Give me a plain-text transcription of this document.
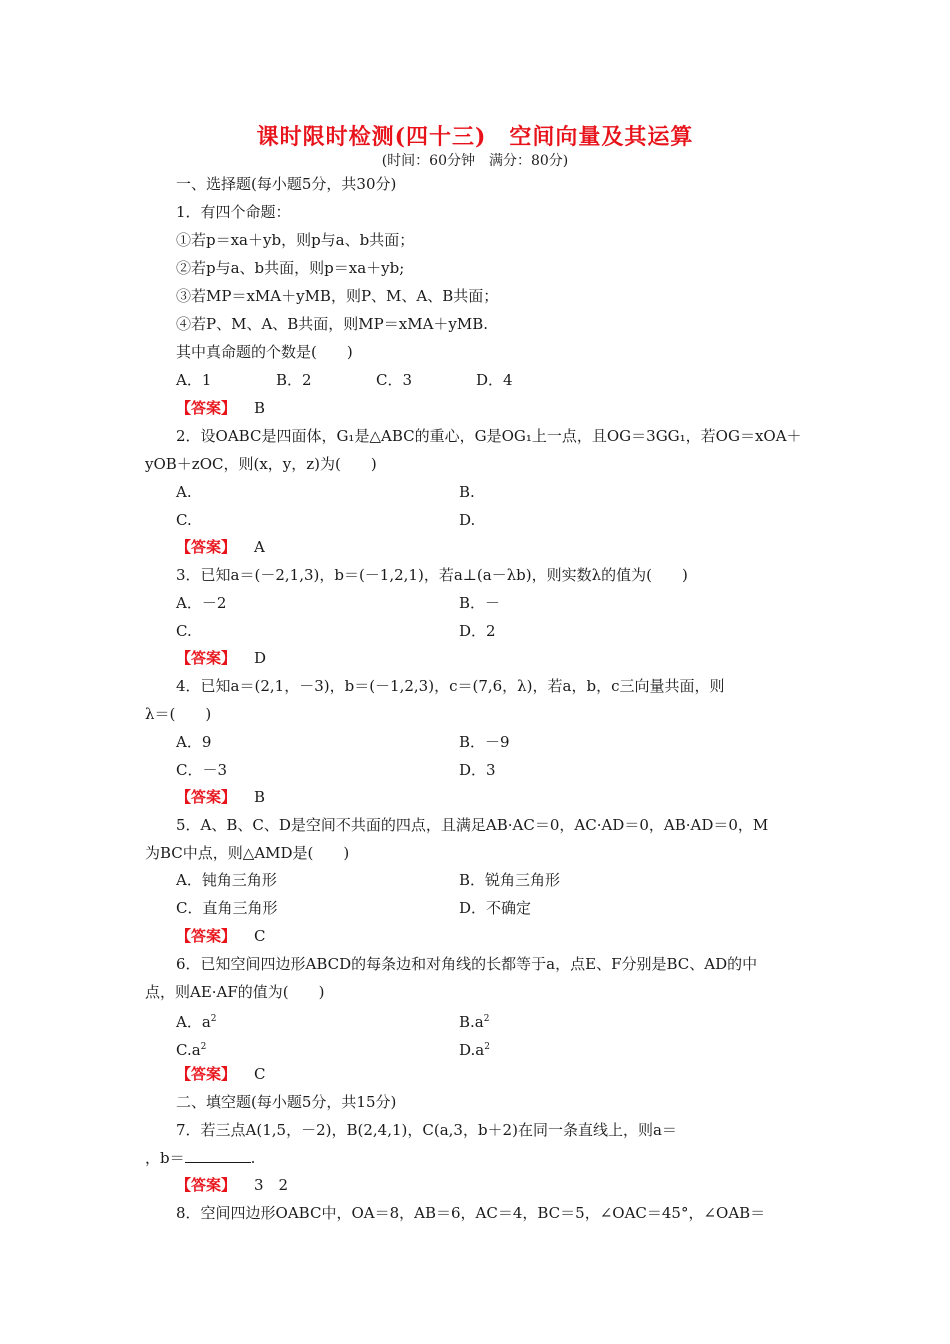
课时限时检测(四十三)　空间向量及其运算
(时间：60分钟　满分：80分)
一、选择题(每小题5分，共30分)
1．有四个命题：
①若p＝xa＋yb，则p与a、b共面；
②若p与a、b共面，则p＝xa＋yb;
③若MP＝xMA＋yMB，则P、M、A、B共面；
④若P、M、A、B共面，则MP＝xMA＋yMB.
其中真命题的个数是(　　)
A．1	B．2	C．3	D．4
【答案】 B
2．设OABC是四面体，G₁是△ABC的重心，G是OG₁上一点，且OG＝3GG₁，若OG＝xOA＋
yOB＋zOC，则(x，y，z)为(　　)
A.	B.
C.	D.
【答案】 A
3．已知a＝(－2,1,3)，b＝(－1,2,1)，若a⊥(a－λb)，则实数λ的值为(　　)
A．－2	B．－
C.	D．2
【答案】 D
4．已知a＝(2,1，－3)，b＝(－1,2,3)，c＝(7,6，λ)，若a，b，c三向量共面，则
λ＝(　　)
A．9	B．－9
C．－3	D．3
【答案】 B
5．A、B、C、D是空间不共面的四点，且满足AB·AC＝0，AC·AD＝0，AB·AD＝0，M
为BC中点，则△AMD是(　　)
A．钝角三角形	B．锐角三角形
C．直角三角形	D．不确定
【答案】 C
6．已知空间四边形ABCD的每条边和对角线的长都等于a，点E、F分别是BC、AD的中
点，则AE·AF的值为(　　)
A．$a^2$	$B.a^2$
$C.a^2$	$D.a^2$
【答案】 C
二、填空题(每小题5分，共15分)
7．若三点A(1,5，－2)，B(2,4,1)，C(a,3，b＋2)在同一条直线上，则a＝
，b＝	.
【答案】 3　2
8．空间四边形OABC中，OA＝8，AB＝6，AC＝4，BC＝5，∠OAC＝45°，∠OAB＝
